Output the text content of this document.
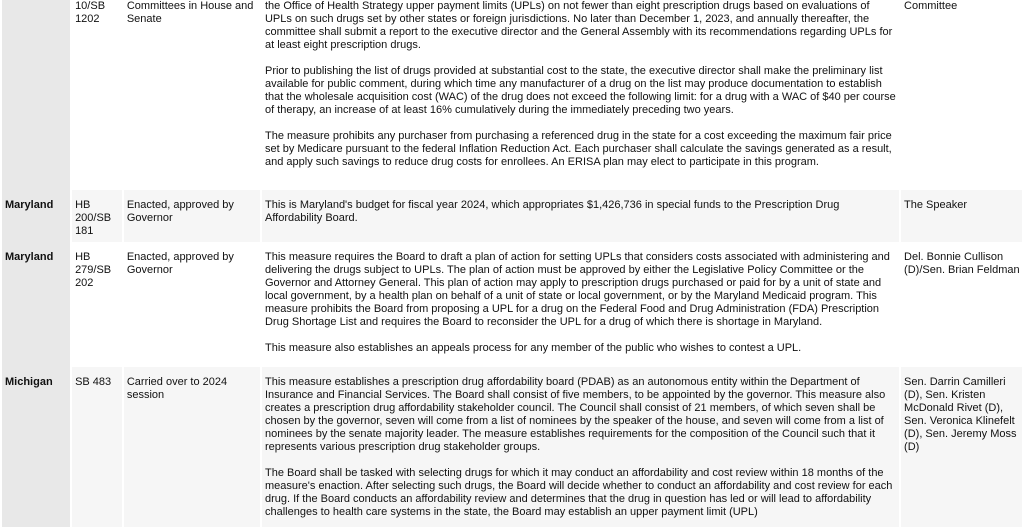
	10/SB 1202	Committees in House and Senate	the Office of Health Strategy upper payment limits (UPLs) on not fewer than eight prescription drugs based on evaluations of UPLs on such drugs set by other states or foreign jurisdictions. No later than December 1, 2023, and annually thereafter, the committee shall submit a report to the executive director and the General Assembly with its recommendations regarding UPLs for at least eight prescription drugs.

Prior to publishing the list of drugs provided at substantial cost to the state, the executive director shall make the preliminary list available for public comment, during which time any manufacturer of a drug on the list may produce documentation to establish that the wholesale acquisition cost (WAC) of the drug does not exceed the following limit: for a drug with a WAC of $40 per course of therapy, an increase of at least 16% cumulatively during the immediately preceding two years.

The measure prohibits any purchaser from purchasing a referenced drug in the state for a cost exceeding the maximum fair price set by Medicare pursuant to the federal Inflation Reduction Act. Each purchaser shall calculate the savings generated as a result, and apply such savings to reduce drug costs for enrollees. An ERISA plan may elect to participate in this program.	Committee
Maryland	HB 200/SB 181	Enacted, approved by Governor	This is Maryland's budget for fiscal year 2024, which appropriates $1,426,736 in special funds to the Prescription Drug Affordability Board.	The Speaker
Maryland	HB 279/SB 202	Enacted, approved by Governor	This measure requires the Board to draft a plan of action for setting UPLs that considers costs associated with administering and delivering the drugs subject to UPLs. The plan of action must be approved by either the Legislative Policy Committee or the Governor and Attorney General. This plan of action may apply to prescription drugs purchased or paid for by a unit of state and local government, by a health plan on behalf of a unit of state or local government, or by the Maryland Medicaid program. This measure prohibits the Board from proposing a UPL for a drug on the Federal Food and Drug Administration (FDA) Prescription Drug Shortage List and requires the Board to reconsider the UPL for a drug of which there is shortage in Maryland.

This measure also establishes an appeals process for any member of the public who wishes to contest a UPL.	Del. Bonnie Cullison (D)/Sen. Brian Feldman
Michigan	SB 483	Carried over to 2024 session	This measure establishes a prescription drug affordability board (PDAB) as an autonomous entity within the Department of Insurance and Financial Services. The Board shall consist of five members, to be appointed by the governor. This measure also creates a prescription drug affordability stakeholder council. The Council shall consist of 21 members, of which seven shall be chosen by the governor, seven will come from a list of nominees by the speaker of the house, and seven will come from a list of nominees by the senate majority leader. The measure establishes requirements for the composition of the Council such that it represents various prescription drug stakeholder groups.

The Board shall be tasked with selecting drugs for which it may conduct an affordability and cost review within 18 months of the measure's enaction. After selecting such drugs, the Board will decide whether to conduct an affordability and cost review for each drug. If the Board conducts an affordability review and determines that the drug in question has led or will lead to affordability challenges to health care systems in the state, the Board may establish an upper payment limit (UPL)	Sen. Darrin Camilleri (D), Sen. Kristen McDonald Rivet (D), Sen. Veronica Klinefelt (D), Sen. Jeremy Moss (D)
